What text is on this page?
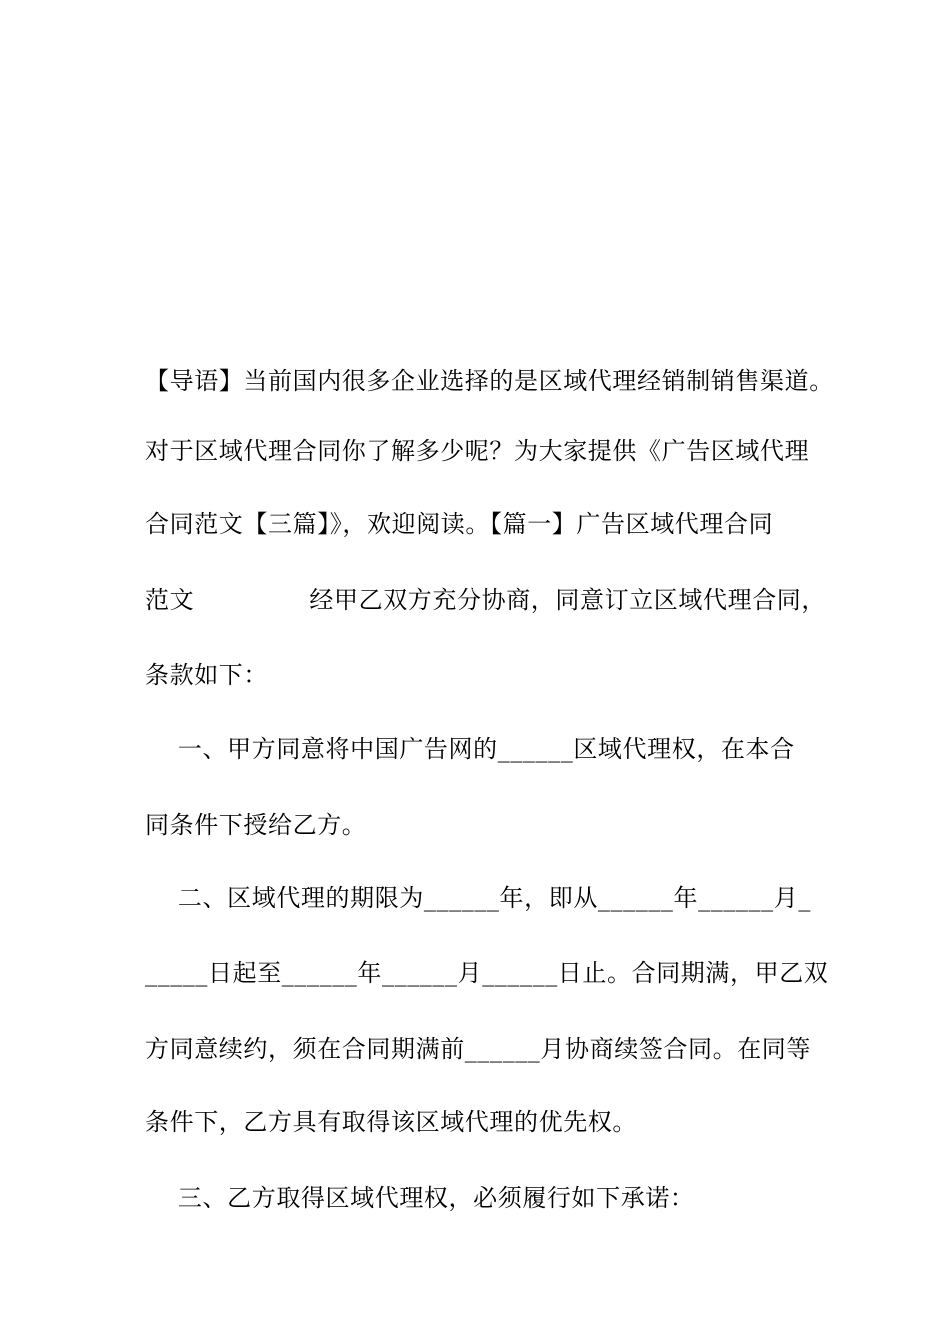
【导语】当前国内很多企业选择的是区域代理经销制销售渠道。
对于区域代理合同你了解多少呢？为大家提供《广告区域代理
合同范文【三篇】》，欢迎阅读。【篇一】广告区域代理合同
范文              经甲乙双方充分协商，同意订立区域代理合同，
条款如下：
一、甲方同意将中国广告网的______区域代理权，在本合
同条件下授给乙方。
二、区域代理的期限为______年，即从______年______月_
_____日起至______年______月______日止。合同期满，甲乙双
方同意续约，须在合同期满前______月协商续签合同。在同等
条件下，乙方具有取得该区域代理的优先权。
三、乙方取得区域代理权，必须履行如下承诺：
